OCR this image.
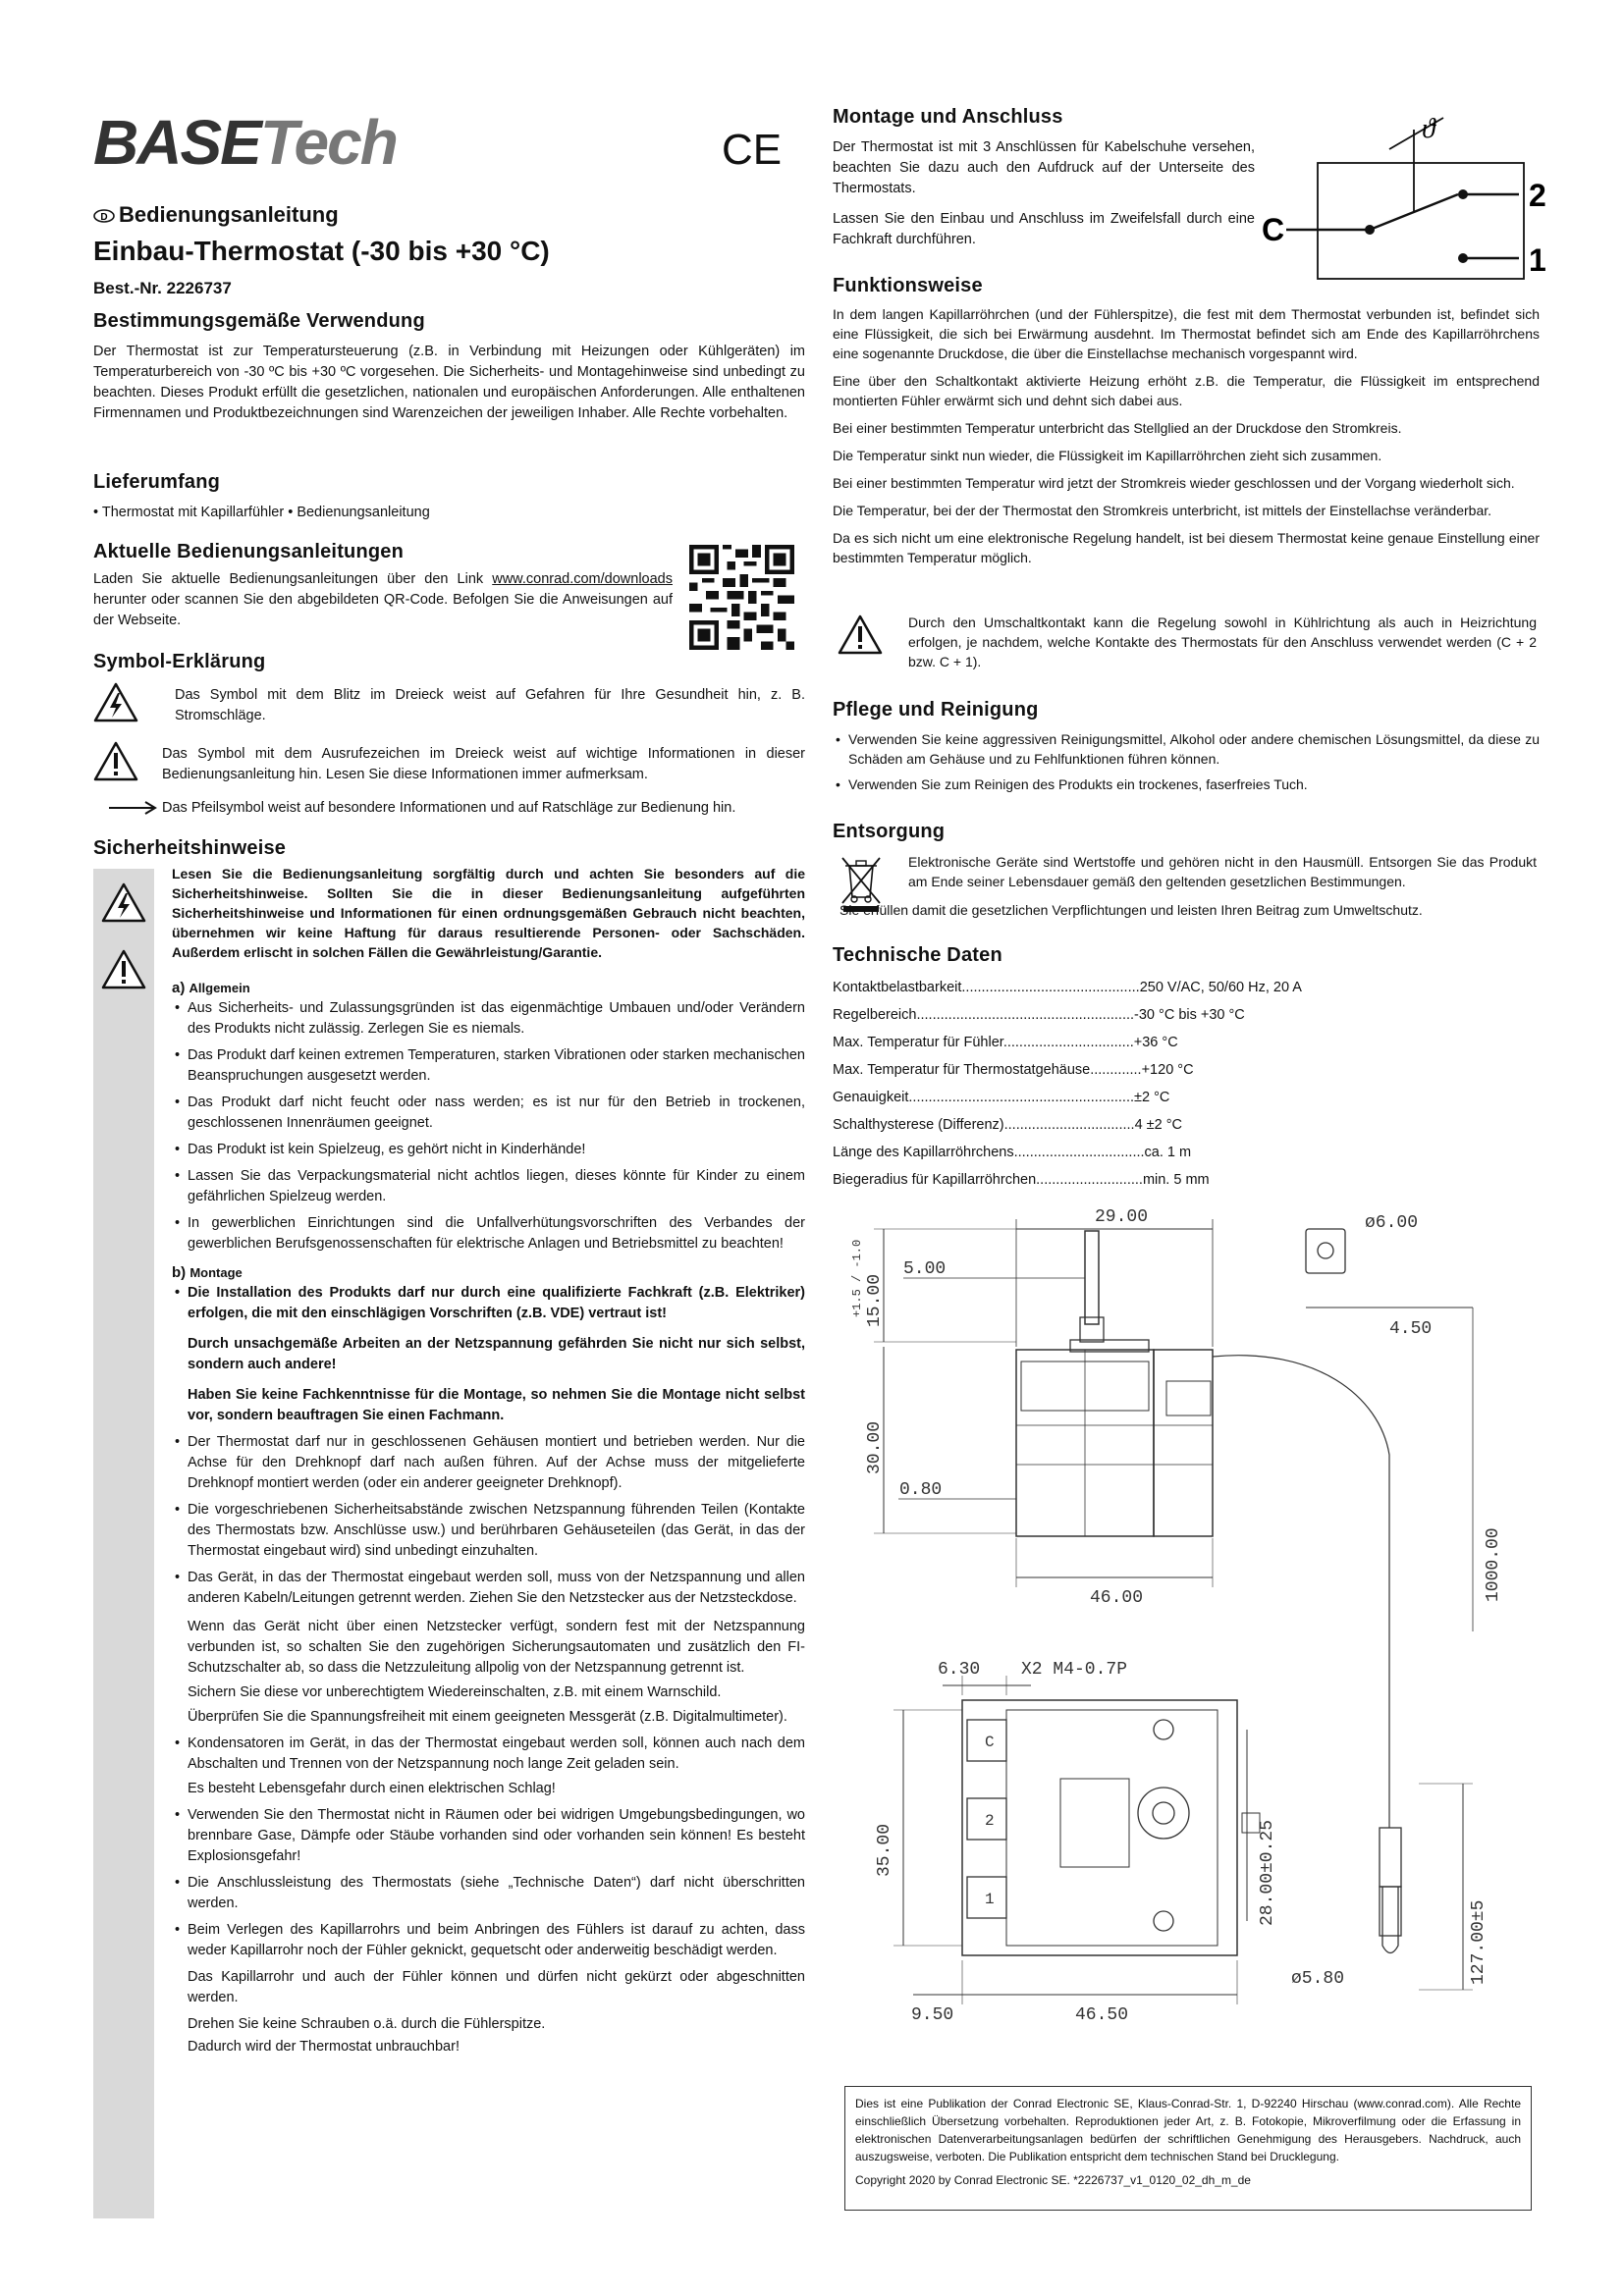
BASETech	CE
D Bedienungsanleitung
Einbau-Thermostat (-30 bis +30 °C)
Best.-Nr. 2226737
Bestimmungsgemäße Verwendung

Der Thermostat ist zur Temperatursteuerung (z.B. in Verbindung mit Heizungen oder Kühlgeräten) im Temperaturbereich von -30 ºC bis +30 ºC vorgesehen. Die Sicherheits- und Montagehinweise sind unbedingt zu beachten. Dieses Produkt erfüllt die gesetzlichen, nationalen und europäischen Anforderungen. Alle enthaltenen Firmennamen und Produktbezeichnungen sind Warenzeichen der jeweiligen Inhaber. Alle Rechte vorbehalten.

Lieferumfang

• Thermostat mit Kapillarfühler • Bedienungsanleitung

Aktuelle Bedienungsanleitungen

Laden Sie aktuelle Bedienungsanleitungen über den Link www.conrad.com/downloads herunter oder scannen Sie den abgebildeten QR-Code. Befolgen Sie die Anweisungen auf der Webseite.

Symbol-Erklärung

Das Symbol mit dem Blitz im Dreieck weist auf Gefahren für Ihre Gesundheit hin, z. B. Stromschläge.

Das Symbol mit dem Ausrufezeichen im Dreieck weist auf wichtige Informationen in dieser Bedienungsanleitung hin. Lesen Sie diese Informationen immer aufmerksam.

Das Pfeilsymbol weist auf besondere Informationen und auf Ratschläge zur Bedienung hin.

Sicherheitshinweise

Lesen Sie die Bedienungsanleitung sorgfältig durch und achten Sie besonders auf die Sicherheitshinweise. Sollten Sie die in dieser Bedienungsanleitung aufgeführten Sicherheitshinweise und Informationen für einen ordnungsgemäßen Gebrauch nicht beachten, übernehmen wir keine Haftung für daraus resultierende Personen- oder Sachschäden. Außerdem erlischt in solchen Fällen die Gewährleistung/Garantie.

a) Allgemein
• Aus Sicherheits- und Zulassungsgründen ist das eigenmächtige Umbauen und/oder Verändern des Produkts nicht zulässig. Zerlegen Sie es niemals.
• Das Produkt darf keinen extremen Temperaturen, starken Vibrationen oder starken mechanischen Beanspruchungen ausgesetzt werden.
• Das Produkt darf nicht feucht oder nass werden; es ist nur für den Betrieb in trockenen, geschlossenen Innenräumen geeignet.
• Das Produkt ist kein Spielzeug, es gehört nicht in Kinderhände!
• Lassen Sie das Verpackungsmaterial nicht achtlos liegen, dieses könnte für Kinder zu einem gefährlichen Spielzeug werden.
• In gewerblichen Einrichtungen sind die Unfallverhütungsvorschriften des Verbandes der gewerblichen Berufsgenossenschaften für elektrische Anlagen und Betriebsmittel zu beachten!
b) Montage
• Die Installation des Produkts darf nur durch eine qualifizierte Fachkraft (z.B. Elektriker) erfolgen, die mit den einschlägigen Vorschriften (z.B. VDE) vertraut ist!

Durch unsachgemäße Arbeiten an der Netzspannung gefährden Sie nicht nur sich selbst, sondern auch andere!

Haben Sie keine Fachkenntnisse für die Montage, so nehmen Sie die Montage nicht selbst vor, sondern beauftragen Sie einen Fachmann.

• Der Thermostat darf nur in geschlossenen Gehäusen montiert und betrieben werden. Nur die Achse für den Drehknopf darf nach außen führen. Auf der Achse muss der mitgelieferte Drehknopf montiert werden (oder ein anderer geeigneter Drehknopf).
• Die vorgeschriebenen Sicherheitsabstände zwischen Netzspannung führenden Teilen (Kontakte des Thermostats bzw. Anschlüsse usw.) und berührbaren Gehäuseteilen (das Gerät, in das der Thermostat eingebaut wird) sind unbedingt einzuhalten.
• Das Gerät, in das der Thermostat eingebaut werden soll, muss von der Netzspannung und allen anderen Kabeln/Leitungen getrennt werden. Ziehen Sie den Netzstecker aus der Netzsteckdose.

Wenn das Gerät nicht über einen Netzstecker verfügt, sondern fest mit der Netzspannung verbunden ist, so schalten Sie den zugehörigen Sicherungsautomaten und zusätzlich den FI-Schutzschalter ab, so dass die Netzzuleitung allpolig von der Netzspannung getrennt ist.

Sichern Sie diese vor unberechtigtem Wiedereinschalten, z.B. mit einem Warnschild.

Überprüfen Sie die Spannungsfreiheit mit einem geeigneten Messgerät (z.B. Digitalmultimeter).

• Kondensatoren im Gerät, in das der Thermostat eingebaut werden soll, können auch nach dem Abschalten und Trennen von der Netzspannung noch lange Zeit geladen sein.

Es besteht Lebensgefahr durch einen elektrischen Schlag!

• Verwenden Sie den Thermostat nicht in Räumen oder bei widrigen Umgebungsbedingungen, wo brennbare Gase, Dämpfe oder Stäube vorhanden sind oder vorhanden sein können! Es besteht Explosionsgefahr!
• Die Anschlussleistung des Thermostats (siehe „Technische Daten“) darf nicht überschritten werden.
• Beim Verlegen des Kapillarrohrs und beim Anbringen des Fühlers ist darauf zu achten, dass weder Kapillarrohr noch der Fühler geknickt, gequetscht oder anderweitig beschädigt werden.

Das Kapillarrohr und auch der Fühler können und dürfen nicht gekürzt oder abgeschnitten werden.

Drehen Sie keine Schrauben o.ä. durch die Fühlerspitze.

Dadurch wird der Thermostat unbrauchbar!

Montage und Anschluss

Der Thermostat ist mit 3 Anschlüssen für Kabelschuhe versehen, beachten Sie dazu auch den Aufdruck auf der Unterseite des Thermostats.

Lassen Sie den Einbau und Anschluss im Zweifelsfall durch eine Fachkraft durchführen.

ϑ
C
2
1
Funktionsweise

In dem langen Kapillarröhrchen (und der Fühlerspitze), die fest mit dem Thermostat verbunden ist, befindet sich eine Flüssigkeit, die sich bei Erwärmung ausdehnt. Im Thermostat befindet sich am Ende des Kapillarröhrchens eine sogenannte Druckdose, die über die Einstellachse mechanisch vorgespannt wird.

Eine über den Schaltkontakt aktivierte Heizung erhöht z.B. die Temperatur, die Flüssigkeit im entsprechend montierten Fühler erwärmt sich und dehnt sich dabei aus.

Bei einer bestimmten Temperatur unterbricht das Stellglied an der Druckdose den Stromkreis.

Die Temperatur sinkt nun wieder, die Flüssigkeit im Kapillarröhrchen zieht sich zusammen.

Bei einer bestimmten Temperatur wird jetzt der Stromkreis wieder geschlossen und der Vorgang wiederholt sich.

Die Temperatur, bei der der Thermostat den Stromkreis unterbricht, ist mittels der Einstellachse veränderbar.

Da es sich nicht um eine elektronische Regelung handelt, ist bei diesem Thermostat keine genaue Einstellung einer bestimmten Temperatur möglich.

Durch den Umschaltkontakt kann die Regelung sowohl in Kühlrichtung als auch in Heizrichtung erfolgen, je nachdem, welche Kontakte des Thermostats für den Anschluss verwendet werden (C + 2 bzw. C + 1).

Pflege und Reinigung
• Verwenden Sie keine aggressiven Reinigungsmittel, Alkohol oder andere chemischen Lösungsmittel, da diese zu Schäden am Gehäuse und zu Fehlfunktionen führen können.
• Verwenden Sie zum Reinigen des Produkts ein trockenes, faserfreies Tuch.
Entsorgung

Elektronische Geräte sind Wertstoffe und gehören nicht in den Hausmüll. Entsorgen Sie das Produkt am Ende seiner Lebensdauer gemäß den geltenden gesetzlichen Bestimmungen.

Sie erfüllen damit die gesetzlichen Verpflichtungen und leisten Ihren Beitrag zum Umweltschutz.

Technische Daten
Kontaktbelastbarkeit.............................................250 V/AC, 50/60 Hz, 20 A
Regelbereich.......................................................-30 °C bis +30 °C
Max. Temperatur für Fühler.................................+36 °C
Max. Temperatur für Thermostatgehäuse.............+120 °C
Genauigkeit.........................................................±2 °C
Schalthysterese (Differenz).................................4 ±2 °C
Länge des Kapillarröhrchens.................................ca. 1 m
Biegeradius für Kapillarröhrchen...........................min. 5 mm
29.00
15.00
+1.5 / -1.0
30.00
5.00
0.80
46.00
ø6.00
4.50
1000.00
127.00±5
C
2
1
6.30 X2 M4-0.7P
35.00	28.00±0.25
ø5.80
9.50	46.50
Dies ist eine Publikation der Conrad Electronic SE, Klaus-Conrad-Str. 1, D-92240 Hirschau (www.conrad.com). Alle Rechte einschließlich Übersetzung vorbehalten. Reproduktionen jeder Art, z. B. Fotokopie, Mikroverfilmung oder die Erfassung in elektronischen Datenverarbeitungsanlagen bedürfen der schriftlichen Genehmigung des Herausgebers. Nachdruck, auch auszugsweise, verboten. Die Publikation entspricht dem technischen Stand bei Drucklegung.
Copyright 2020 by Conrad Electronic SE. *2226737_v1_0120_02_dh_m_de
